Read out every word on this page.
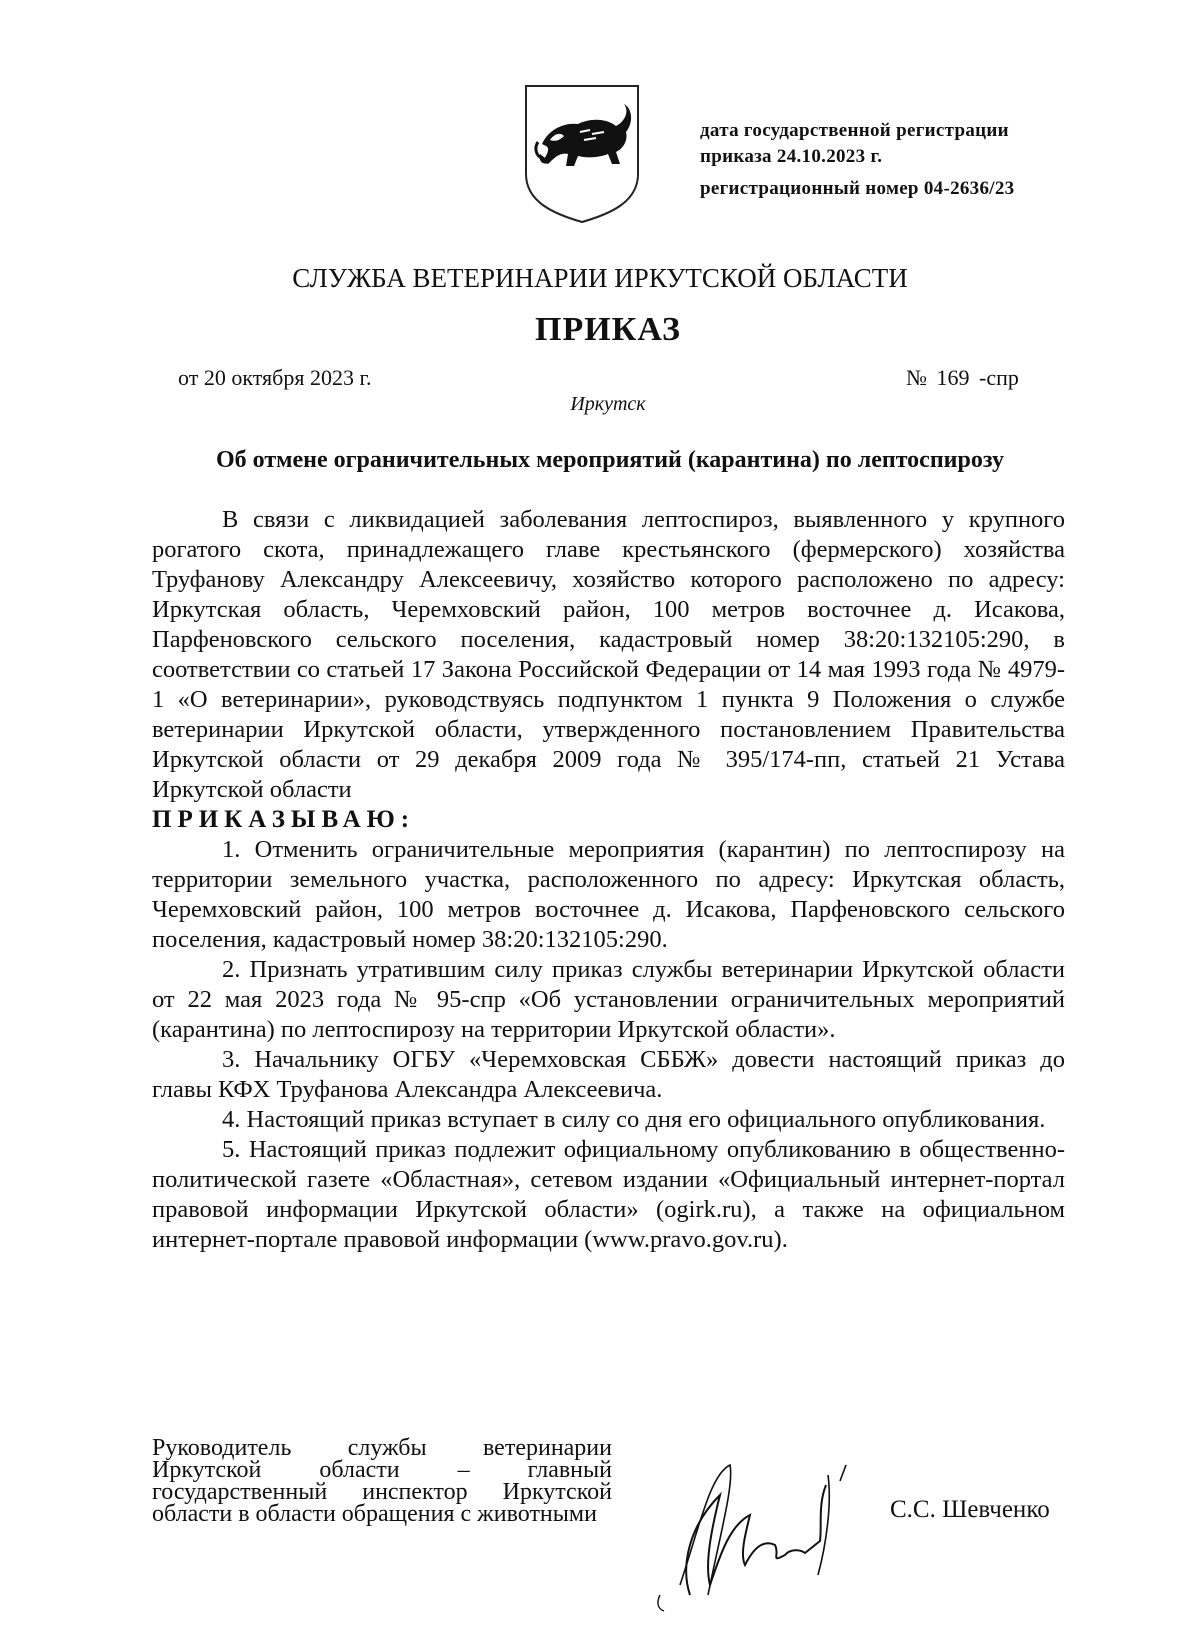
дата государственной регистрации
приказа 24.10.2023 г.
регистрационный номер 04-2636/23
СЛУЖБА ВЕТЕРИНАРИИ ИРКУТСКОЙ ОБЛАСТИ
ПРИКАЗ
от 20 октября 2023 г.	№ 169 -спр
Иркутск
Об отмене ограничительных мероприятий (карантина) по лептоспирозу

В связи с ликвидацией заболевания лептоспироз, выявленного у крупного рогатого скота, принадлежащего главе крестьянского (фермерского) хозяйства Труфанову Александру Алексеевичу, хозяйство которого расположено по адресу: Иркутская область, Черемховский район, 100 метров восточнее д. Исакова, Парфеновского сельского поселения, кадастровый номер 38:20:132105:290, в соответствии со статьей 17 Закона Российской Федерации от 14 мая 1993 года № 4979-1 «О ветеринарии», руководствуясь подпунктом 1 пункта 9 Положения о службе ветеринарии Иркутской области, утвержденного постановлением Правительства Иркутской области от 29 декабря 2009 года № 395/174-пп, статьей 21 Устава Иркутской области

ПРИКАЗЫВАЮ:

1. Отменить ограничительные мероприятия (карантин) по лептоспирозу на территории земельного участка, расположенного по адресу: Иркутская область, Черемховский район, 100 метров восточнее д. Исакова, Парфеновского сельского поселения, кадастровый номер 38:20:132105:290.

2. Признать утратившим силу приказ службы ветеринарии Иркутской области от 22 мая 2023 года № 95-спр «Об установлении ограничительных мероприятий (карантина) по лептоспирозу на территории Иркутской области».

3. Начальнику ОГБУ «Черемховская СББЖ» довести настоящий приказ до главы КФХ Труфанова Александра Алексеевича.

4. Настоящий приказ вступает в силу со дня его официального опубликования.

5. Настоящий приказ подлежит официальному опубликованию в общественно-политической газете «Областная», сетевом издании «Официальный интернет-портал правовой информации Иркутской области» (ogirk.ru), а также на официальном интернет-портале правовой информации (www.pravo.gov.ru).

Руководитель службы ветеринарии Иркутской области – главный государственный инспектор Иркутской области в области обращения с животными	С.С. Шевченко
